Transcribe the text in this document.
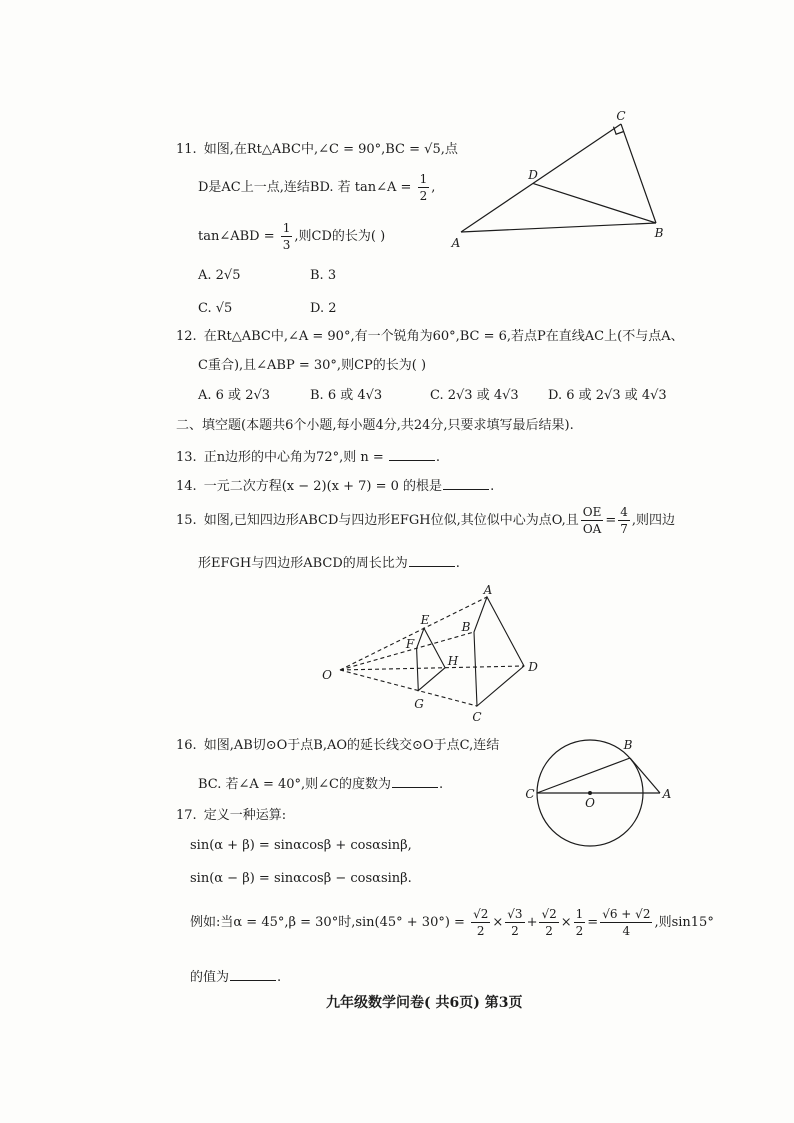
C
D
A
B
A
B
C
D
E
F
G
H
O
C
O
B
A
11. 如图,在Rt△ABC中,∠C = 90°,BC = √5,点
D是AC上一点,连结BD. 若 tan∠A = $\frac{1}{2}$ ,
tan∠ABD = $\frac{1}{3}$ ,则CD的长为( )
A. 2√5	B. 3
C. √5	D. 2
12. 在Rt△ABC中,∠A = 90°,有一个锐角为60°,BC = 6,若点P在直线AC上(不与点A、
C重合),且∠ABP = 30°,则CP的长为( )
A. 6 或 2√3	B. 6 或 4√3	C. 2√3 或 4√3 D. 6 或 2√3 或 4√3
二、填空题(本题共6个小题,每小题4分,共24分,只要求填写最后结果).
13. 正n边形的中心角为72°,则 n =	.
14. 一元二次方程(x − 2)(x + 7) = 0 的根是	.
15. 如图,已知四边形ABCD与四边形EFGH位似,其位似中心为点O,且 $\frac{OE}{OA} = \frac{4}{7}$ ,则四边
形EFGH与四边形ABCD的周长比为	.
16. 如图,AB切⊙O于点B,AO的延长线交⊙O于点C,连结
BC. 若∠A = 40°,则∠C的度数为	.
17. 定义一种运算:
sin(α + β) = sinαcosβ + cosαsinβ,
sin(α − β) = sinαcosβ − cosαsinβ.
例如:当α = 45°,β = 30°时$,\sin(45^\circ + 30^\circ) = \frac{√2}{2} \times \frac{√3}{2} + \frac{√2}{2} \times \frac{1}{2} = \frac{√6 + √2}{4}$ ,则sin15°
的值为	.
九年级数学问卷( 共6页) 第3页
